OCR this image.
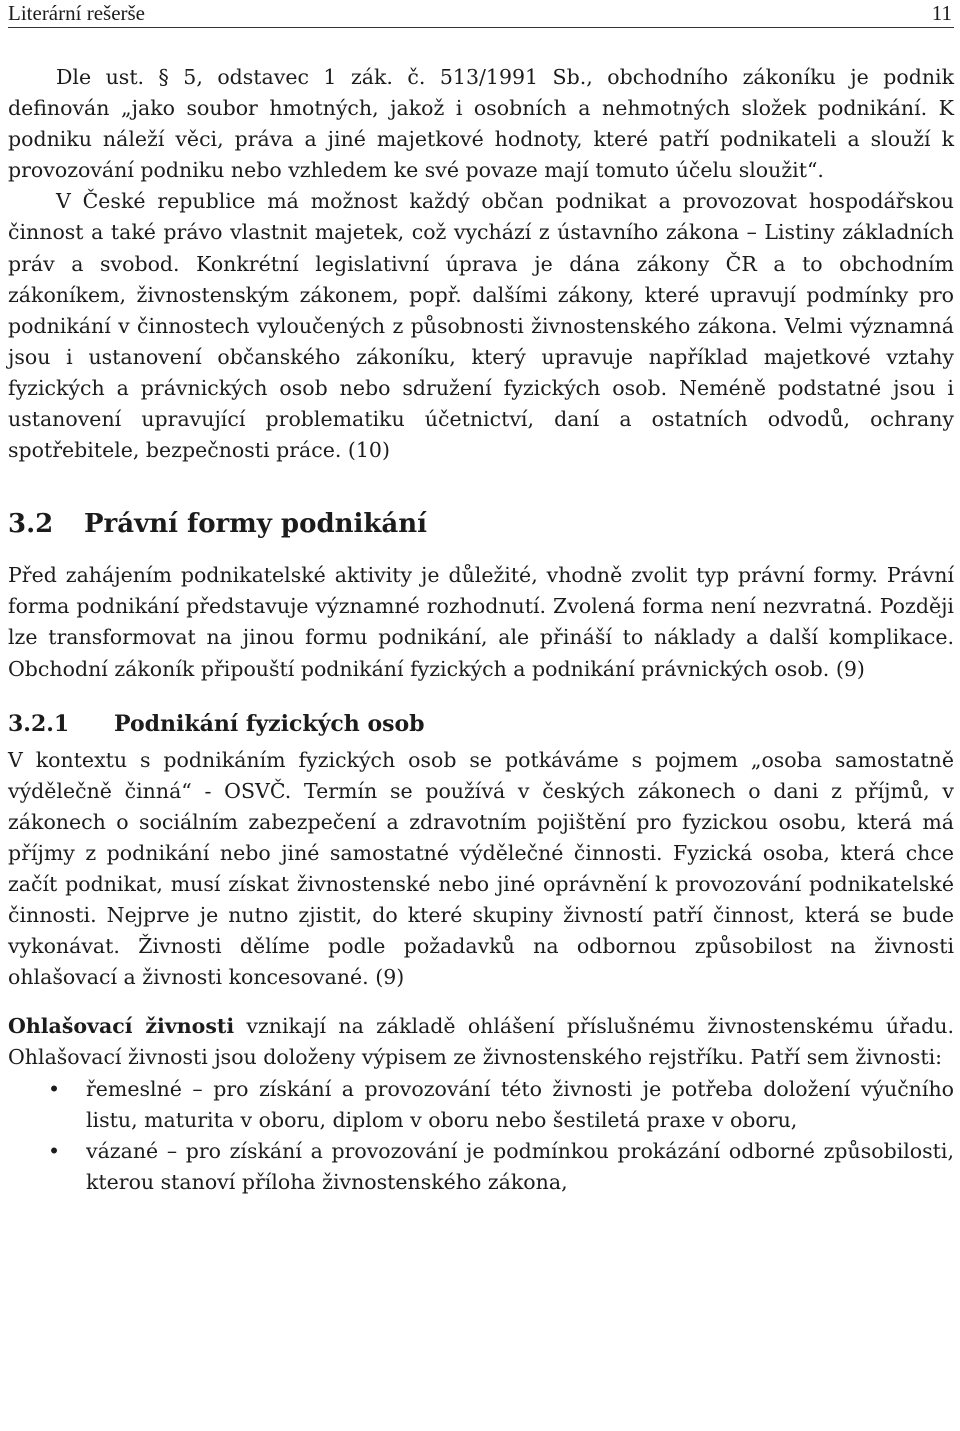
Literární rešerše	11

Dle ust. § 5, odstavec 1 zák. č. 513/1991 Sb., obchodního zákoníku je podnik definován „jako soubor hmotných, jakož i osobních a nehmotných složek podnikání. K podniku náleží věci, práva a jiné majetkové hodnoty, které patří podnikateli a slouží k provozování podniku nebo vzhledem ke své povaze mají tomuto účelu sloužit“.

V České republice má možnost každý občan podnikat a provozovat hospodářskou činnost a také právo vlastnit majetek, což vychází z ústavního zákona – Listiny základních práv a svobod. Konkrétní legislativní úprava je dána zákony ČR a to obchodním zákoníkem, živnostenským zákonem, popř. dalšími zákony, které upravují podmínky pro podnikání v činnostech vyloučených z působnosti živnostenského zákona. Velmi významná jsou i ustanovení občanského zákoníku, který upravuje například majetkové vztahy fyzických a právnických osob nebo sdružení fyzických osob. Neméně podstatné jsou i ustanovení upravující problematiku účetnictví, daní a ostatních odvodů, ochrany spotřebitele, bezpečnosti práce. (10)

3.2 Právní formy podnikání

Před zahájením podnikatelské aktivity je důležité, vhodně zvolit typ právní formy. Právní forma podnikání představuje významné rozhodnutí. Zvolená forma není nezvratná. Později lze transformovat na jinou formu podnikání, ale přináší to náklady a další komplikace. Obchodní zákoník připouští podnikání fyzických a podnikání právnických osob. (9)

3.2.1 Podnikání fyzických osob

V kontextu s podnikáním fyzických osob se potkáváme s pojmem „osoba samostatně výdělečně činná“ - OSVČ. Termín se používá v českých zákonech o dani z příjmů, v zákonech o sociálním zabezpečení a zdravotním pojištění pro fyzickou osobu, která má příjmy z podnikání nebo jiné samostatné výdělečné činnosti. Fyzická osoba, která chce začít podnikat, musí získat živnostenské nebo jiné oprávnění k provozování podnikatelské činnosti. Nejprve je nutno zjistit, do které skupiny živností patří činnost, která se bude vykonávat. Živnosti dělíme podle požadavků na odbornou způsobilost na živnosti ohlašovací a živnosti koncesované. (9)

Ohlašovací živnosti vznikají na základě ohlášení příslušnému živnostenskému úřadu. Ohlašovací živnosti jsou doloženy výpisem ze živnostenského rejstříku. Patří sem živnosti:

• řemeslné – pro získání a provozování této živnosti je potřeba doložení výučního listu, maturita v oboru, diplom v oboru nebo šestiletá praxe v oboru,
• vázané – pro získání a provozování je podmínkou prokázání odborné způsobilosti, kterou stanoví příloha živnostenského zákona,
